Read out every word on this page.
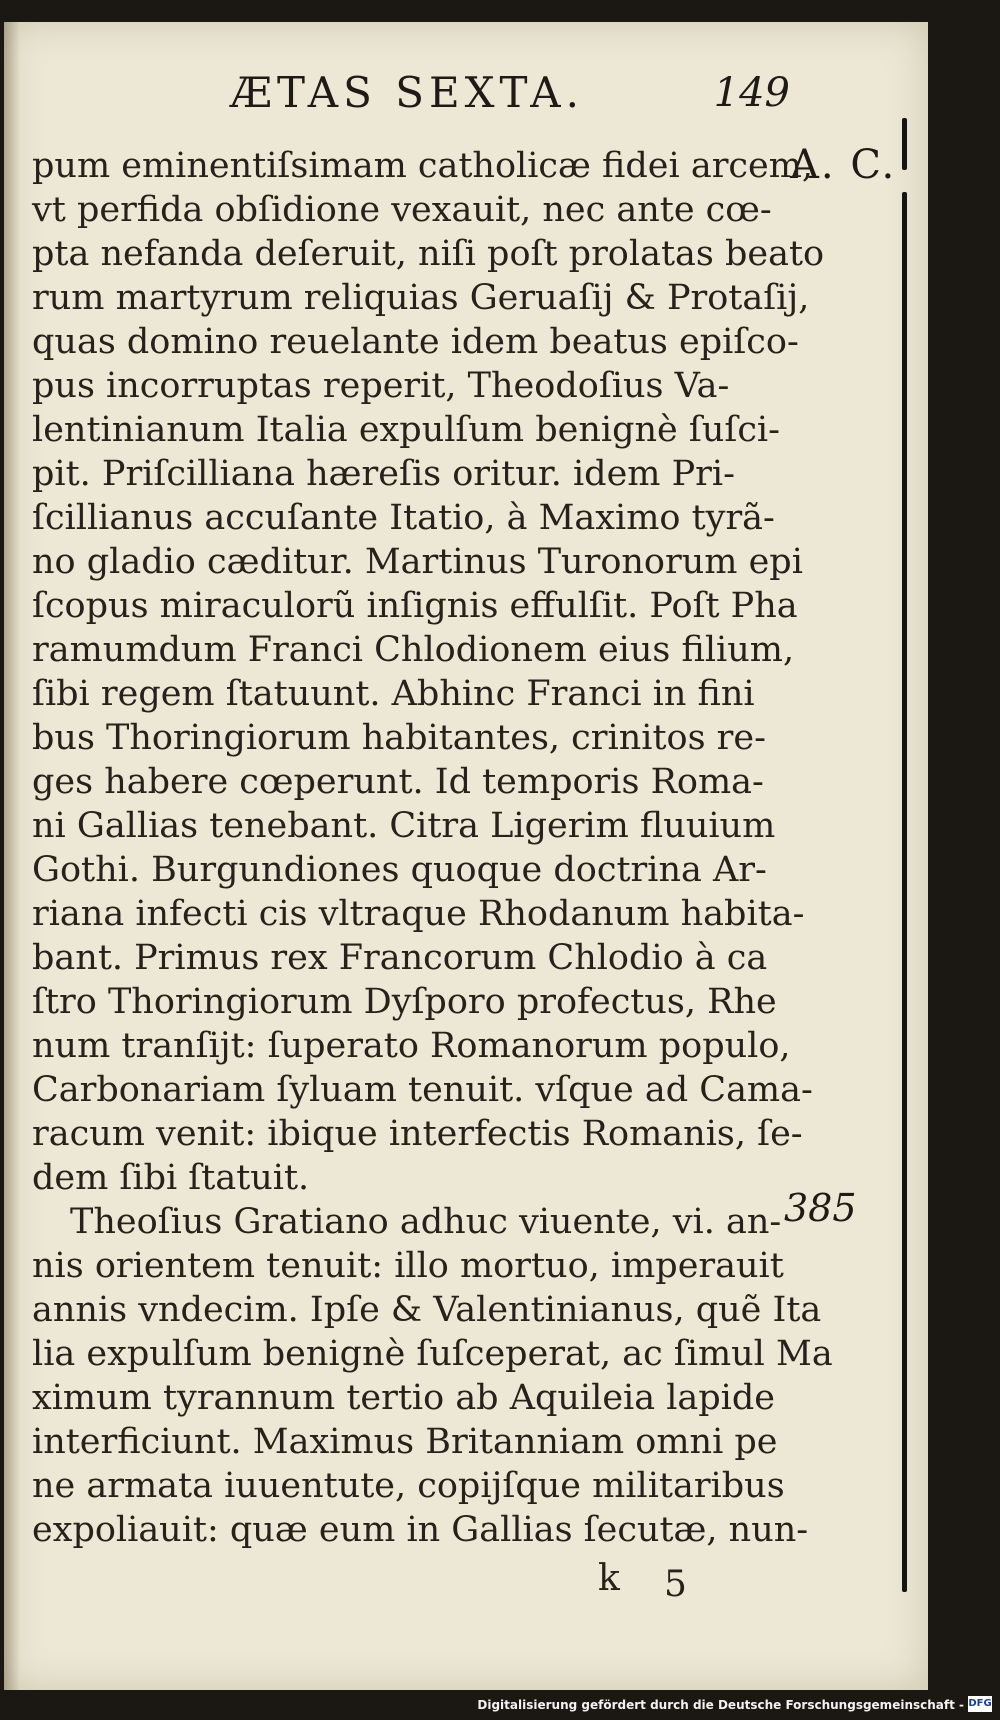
ÆTAS SEXTA.	149
A. C.
385
pum eminentiſsimam catholicæ fidei arcem,
vt perfida obſidione vexauit, nec ante cœ-
pta nefanda deſeruit, niſi poſt prolatas beato
rum martyrum reliquias Geruaſij & Protaſij,
quas domino reuelante idem beatus epiſco-
pus incorruptas reperit, Theodoſius Va-
lentinianum Italia expulſum benignè ſuſci-
pit. Priſcilliana hæreſis oritur. idem Pri-
ſcillianus accuſante Itatio, à Maximo tyrã-
no gladio cæditur. Martinus Turonorum epi
ſcopus miraculorũ inſignis effulſit. Poſt Pha
ramumdum Franci Chlodionem eius filium,
ſibi regem ſtatuunt. Abhinc Franci in fini
bus Thoringiorum habitantes, crinitos re-
ges habere cœperunt. Id temporis Roma-
ni Gallias tenebant. Citra Ligerim fluuium
Gothi. Burgundiones quoque doctrina Ar-
riana infecti cis vltraque Rhodanum habita-
bant. Primus rex Francorum Chlodio à ca
ſtro Thoringiorum Dyſporo profectus, Rhe
num tranſijt: ſuperato Romanorum populo,
Carbonariam ſyluam tenuit. vſque ad Cama-
racum venit: ibique interfectis Romanis, ſe-
dem ſibi ſtatuit.
Theoſius Gratiano adhuc viuente, vi. an-
nis orientem tenuit: illo mortuo, imperauit
annis vndecim. Ipſe & Valentinianus, quẽ Ita
lia expulſum benignè ſuſceperat, ac ſimul Ma
ximum tyrannum tertio ab Aquileia lapide
interficiunt. Maximus Britanniam omni pe
ne armata iuuentute, copijſque militaribus
expoliauit: quæ eum in Gallias ſecutæ, nun-
k 5
Digitalisierung gefördert durch die Deutsche Forschungsgemeinschaft - DFG
